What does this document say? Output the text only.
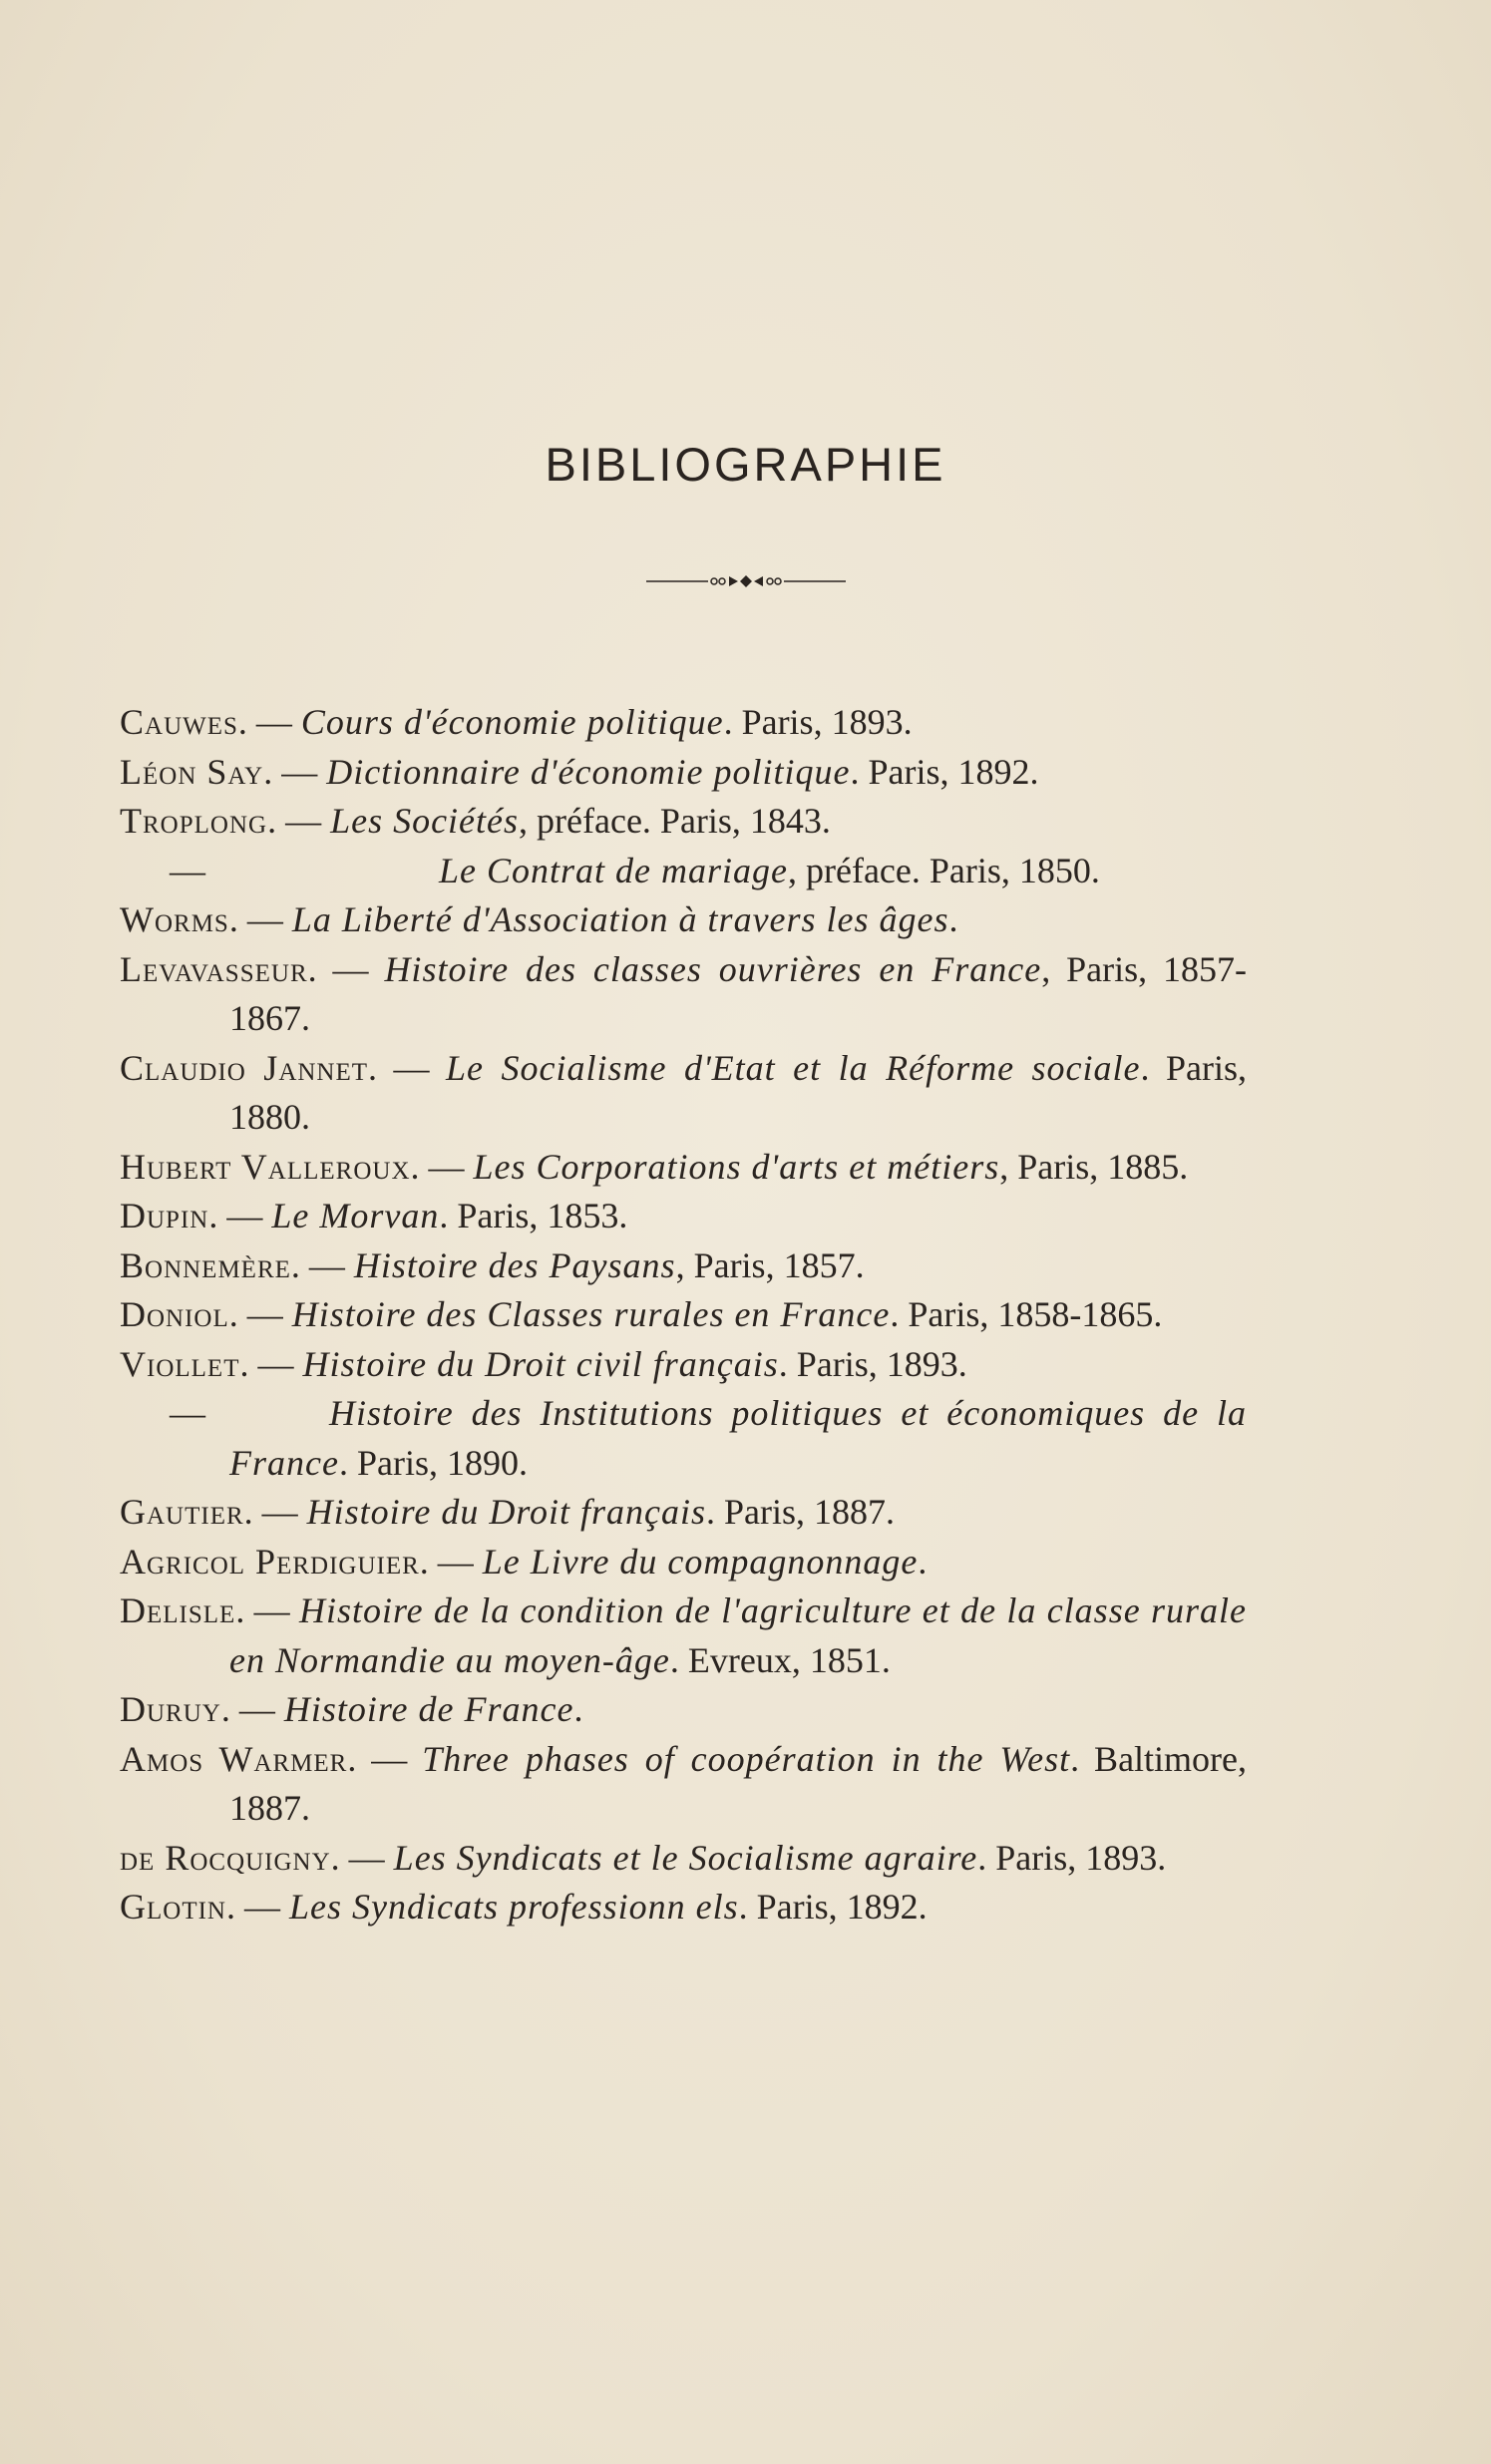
BIBLIOGRAPHIE
Cauwes. — Cours d'économie politique. Paris, 1893.
Léon Say. — Dictionnaire d'économie politique. Paris, 1892.
Troplong. — Les Sociétés, préface. Paris, 1843.
—	Le Contrat de mariage, préface. Paris, 1850.
Worms. — La Liberté d'Association à travers les âges.
Levavasseur. — Histoire des classes ouvrières en France, Paris, 1857-1867.
Claudio Jannet. — Le Socialisme d'Etat et la Réforme sociale. Paris, 1880.
Hubert Valleroux. — Les Corporations d'arts et métiers, Paris, 1885.
Dupin. — Le Morvan. Paris, 1853.
Bonnemère. — Histoire des Paysans, Paris, 1857.
Doniol. — Histoire des Classes rurales en France. Paris, 1858-1865.
Viollet. — Histoire du Droit civil français. Paris, 1893.
—	Histoire des Institutions politiques et économiques de la France. Paris, 1890.
Gautier. — Histoire du Droit français. Paris, 1887.
Agricol Perdiguier. — Le Livre du compagnonnage.
Delisle. — Histoire de la condition de l'agriculture et de la classe rurale en Normandie au moyen-âge. Evreux, 1851.
Duruy. — Histoire de France.
Amos Warmer. — Three phases of coopération in the West. Baltimore, 1887.
de Rocquigny. — Les Syndicats et le Socialisme agraire. Paris, 1893.
Glotin. — Les Syndicats professionn els. Paris, 1892.
